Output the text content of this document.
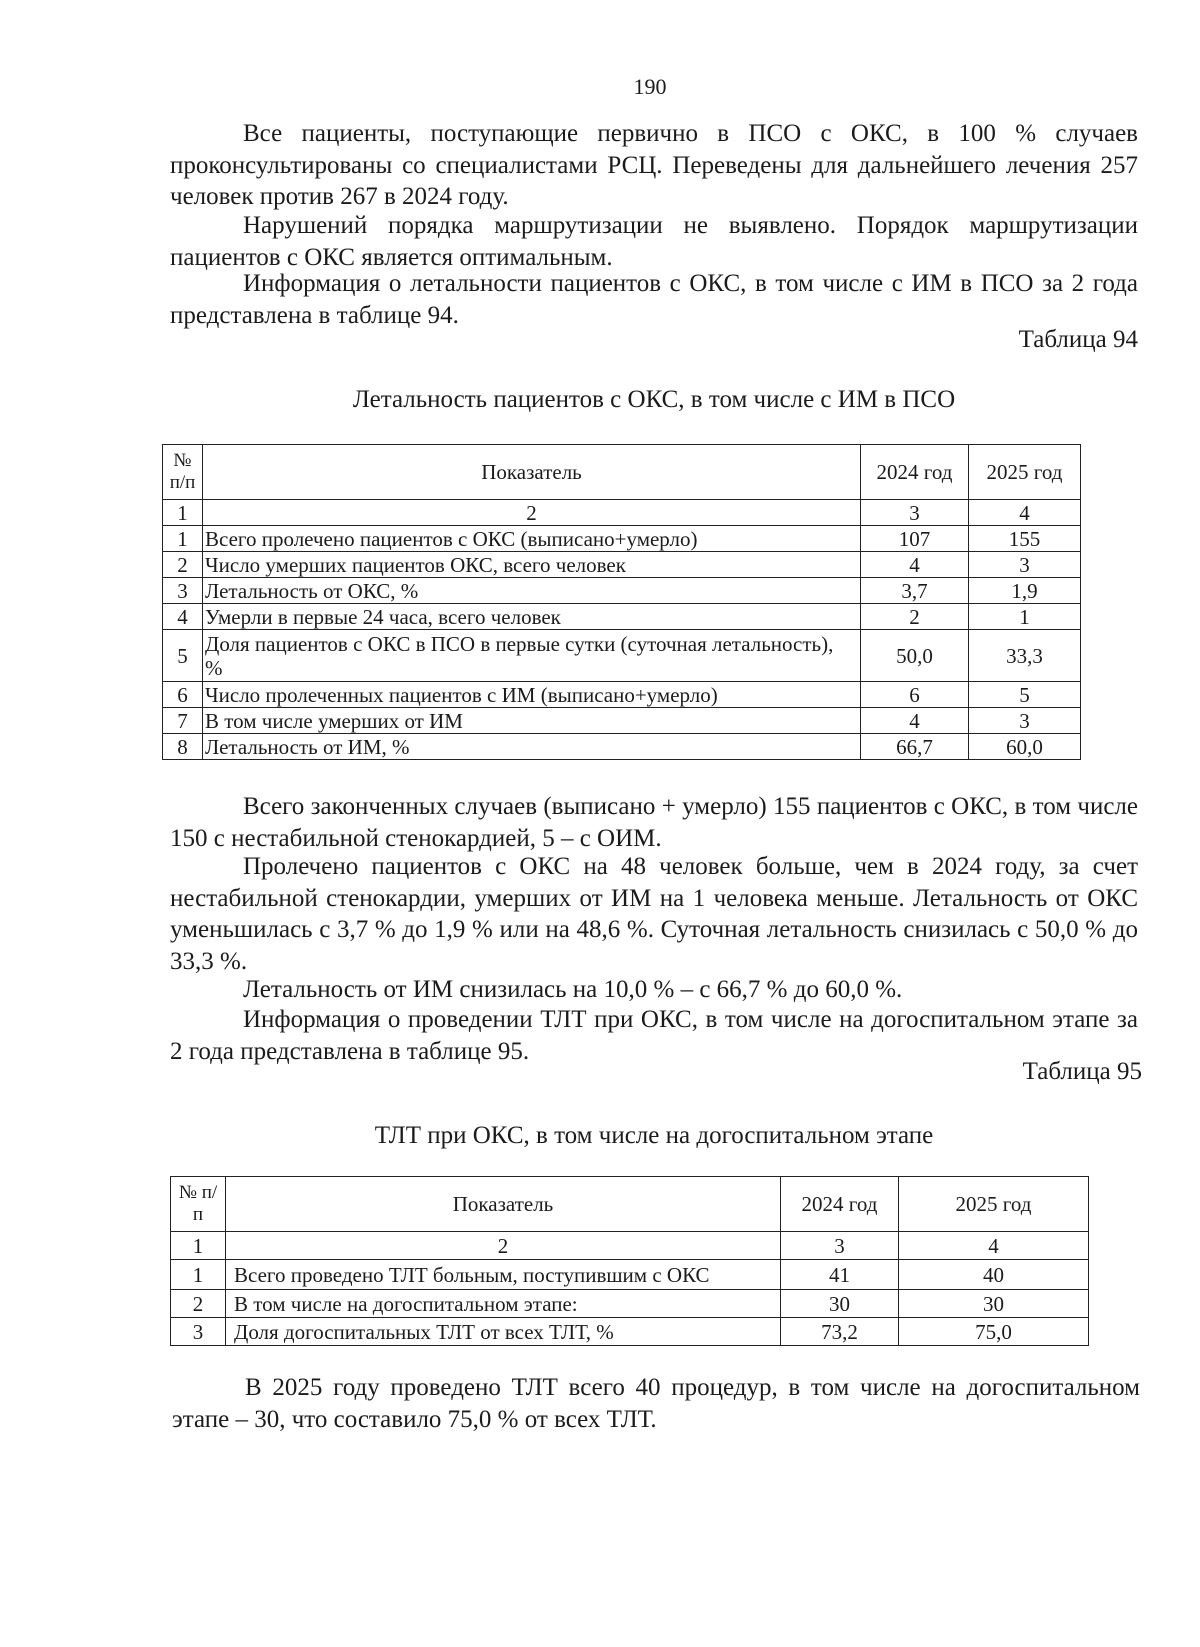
190

Все пациенты, поступающие первично в ПСО с ОКС, в 100 % случаев проконсультированы со специалистами РСЦ. Переведены для дальнейшего лечения 257 человек против 267 в 2024 году.

Нарушений порядка маршрутизации не выявлено. Порядок маршрутизации пациентов с ОКС является оптимальным.

Информация о летальности пациентов с ОКС, в том числе с ИМ в ПСО за 2 года представлена в таблице 94.

Таблица 94
Летальность пациентов с ОКС, в том числе с ИМ в ПСО
№ п/п	Показатель	2024 год	2025 год
1	2	3	4
1	Всего пролечено пациентов с ОКС (выписано+умерло)	107	155
2	Число умерших пациентов ОКС, всего человек	4	3
3	Летальность от ОКС, %	3,7	1,9
4	Умерли в первые 24 часа, всего человек	2	1
5	Доля пациентов с ОКС в ПСО в первые сутки (суточная летальность), %	50,0	33,3
6	Число пролеченных пациентов с ИМ (выписано+умерло)	6	5
7	В том числе умерших от ИМ	4	3
8	Летальность от ИМ, %	66,7	60,0

Всего законченных случаев (выписано + умерло) 155 пациентов с ОКС, в том числе 150 с нестабильной стенокардией, 5 – с ОИМ.

Пролечено пациентов с ОКС на 48 человек больше, чем в 2024 году, за счет нестабильной стенокардии, умерших от ИМ на 1 человека меньше. Летальность от ОКС уменьшилась с 3,7 % до 1,9 % или на 48,6 %. Суточная летальность снизилась с 50,0 % до 33,3 %.

Летальность от ИМ снизилась на 10,0 % – с 66,7 % до 60,0 %.

Информация о проведении ТЛТ при ОКС, в том числе на догоспитальном этапе за 2 года представлена в таблице 95.

Таблица 95
ТЛТ при ОКС, в том числе на догоспитальном этапе
№ п/п	Показатель	2024 год	2025 год
1	2	3	4
1	Всего проведено ТЛТ больным, поступившим с ОКС	41	40
2	В том числе на догоспитальном этапе:	30	30
3	Доля догоспитальных ТЛТ от всех ТЛТ, %	73,2	75,0

В 2025 году проведено ТЛТ всего 40 процедур, в том числе на догоспитальном этапе – 30, что составило 75,0 % от всех ТЛТ.
